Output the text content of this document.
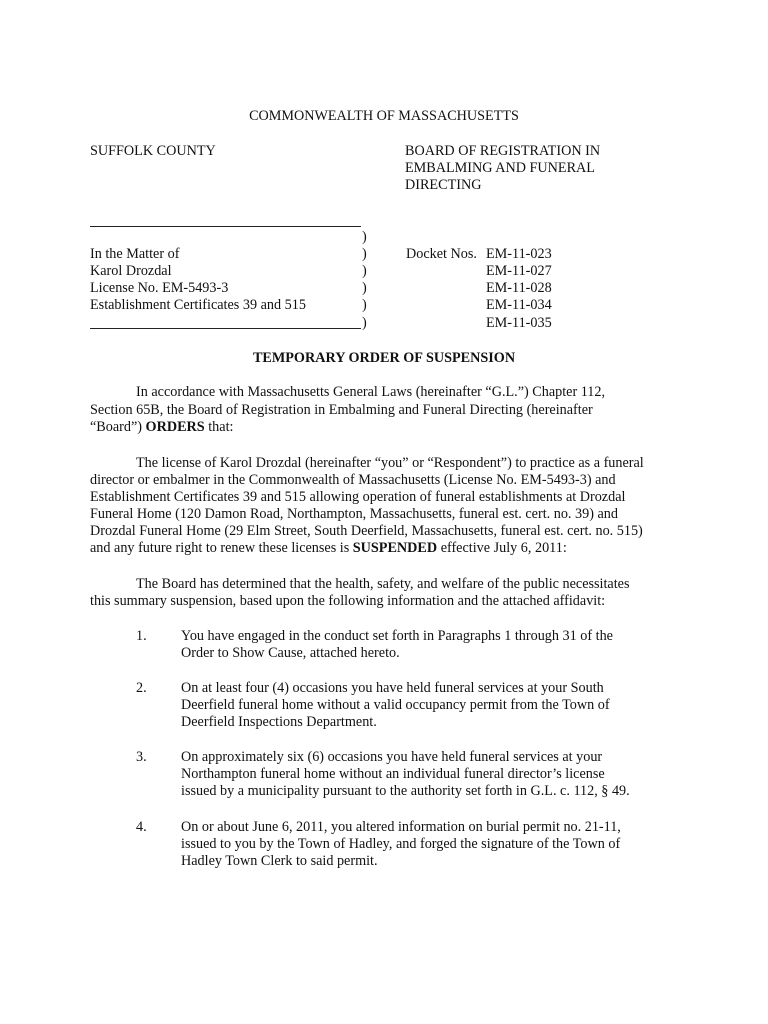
COMMONWEALTH OF MASSACHUSETTS
SUFFOLK COUNTY	BOARD OF REGISTRATION IN
EMBALMING AND FUNERAL
DIRECTING
)
)
)
)
)
)
In the Matter of
Karol Drozdal
License No. EM-5493-3
Establishment Certificates 39 and 515
Docket Nos. EM-11-023
EM-11-027
EM-11-028
EM-11-034
EM-11-035
TEMPORARY ORDER OF SUSPENSION
In accordance with Massachusetts General Laws (hereinafter “G.L.”) Chapter 112,
Section 65B, the Board of Registration in Embalming and Funeral Directing (hereinafter
“Board”) ORDERS that:
The license of Karol Drozdal (hereinafter “you” or “Respondent”) to practice as a funeral
director or embalmer in the Commonwealth of Massachusetts (License No. EM-5493-3) and
Establishment Certificates 39 and 515 allowing operation of funeral establishments at Drozdal
Funeral Home (120 Damon Road, Northampton, Massachusetts, funeral est. cert. no. 39) and
Drozdal Funeral Home (29 Elm Street, South Deerfield, Massachusetts, funeral est. cert. no. 515)
and any future right to renew these licenses is SUSPENDED effective July 6, 2011:
The Board has determined that the health, safety, and welfare of the public necessitates
this summary suspension, based upon the following information and the attached affidavit:
1. You have engaged in the conduct set forth in Paragraphs 1 through 31 of the
Order to Show Cause, attached hereto.
2. On at least four (4) occasions you have held funeral services at your South
Deerfield funeral home without a valid occupancy permit from the Town of
Deerfield Inspections Department.
3. On approximately six (6) occasions you have held funeral services at your
Northampton funeral home without an individual funeral director’s license
issued by a municipality pursuant to the authority set forth in G.L. c. 112, § 49.
4. On or about June 6, 2011, you altered information on burial permit no. 21-11,
issued to you by the Town of Hadley, and forged the signature of the Town of
Hadley Town Clerk to said permit.
